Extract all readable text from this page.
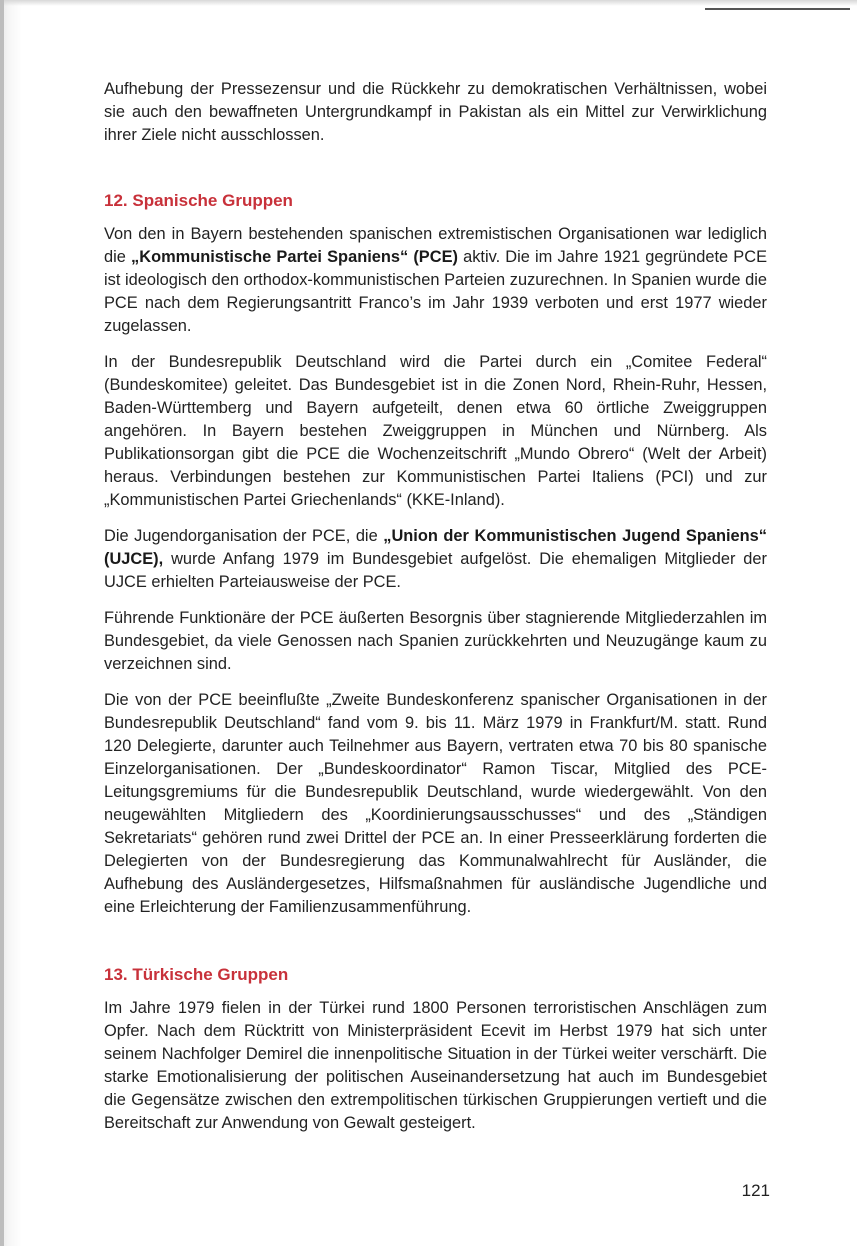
Aufhebung der Pressezensur und die Rückkehr zu demokratischen Verhältnissen, wobei sie auch den bewaffneten Untergrundkampf in Pakistan als ein Mittel zur Verwirklichung ihrer Ziele nicht ausschlossen.

12. Spanische Gruppen

Von den in Bayern bestehenden spanischen extremistischen Organisationen war lediglich die „Kommunistische Partei Spaniens“ (PCE) aktiv. Die im Jahre 1921 gegründete PCE ist ideologisch den orthodox-kommunistischen Parteien zuzurechnen. In Spanien wurde die PCE nach dem Regierungsantritt Franco’s im Jahr 1939 verboten und erst 1977 wieder zugelassen.

In der Bundesrepublik Deutschland wird die Partei durch ein „Comitee Federal“ (Bundeskomitee) geleitet. Das Bundesgebiet ist in die Zonen Nord, Rhein-Ruhr, Hessen, Baden-Württemberg und Bayern aufgeteilt, denen etwa 60 örtliche Zweiggruppen angehören. In Bayern bestehen Zweiggruppen in München und Nürnberg. Als Publikationsorgan gibt die PCE die Wochenzeitschrift „Mundo Obrero“ (Welt der Arbeit) heraus. Verbindungen bestehen zur Kommunistischen Partei Italiens (PCI) und zur „Kommunistischen Partei Griechenlands“ (KKE-Inland).

Die Jugendorganisation der PCE, die „Union der Kommunistischen Jugend Spaniens“ (UJCE), wurde Anfang 1979 im Bundesgebiet aufgelöst. Die ehemaligen Mitglieder der UJCE erhielten Parteiausweise der PCE.

Führende Funktionäre der PCE äußerten Besorgnis über stagnierende Mitgliederzahlen im Bundesgebiet, da viele Genossen nach Spanien zurückkehrten und Neuzugänge kaum zu verzeichnen sind.

Die von der PCE beeinflußte „Zweite Bundeskonferenz spanischer Organisationen in der Bundesrepublik Deutschland“ fand vom 9. bis 11. März 1979 in Frankfurt/M. statt. Rund 120 Delegierte, darunter auch Teilnehmer aus Bayern, vertraten etwa 70 bis 80 spanische Einzelorganisationen. Der „Bundeskoordinator“ Ramon Tiscar, Mitglied des PCE-Leitungsgremiums für die Bundesrepublik Deutschland, wurde wiedergewählt. Von den neugewählten Mitgliedern des „Koordinierungsausschusses“ und des „Ständigen Sekretariats“ gehören rund zwei Drittel der PCE an. In einer Presseerklärung forderten die Delegierten von der Bundesregierung das Kommunalwahlrecht für Ausländer, die Aufhebung des Ausländergesetzes, Hilfsmaßnahmen für ausländische Jugendliche und eine Erleichterung der Familienzusammenführung.

13. Türkische Gruppen

Im Jahre 1979 fielen in der Türkei rund 1800 Personen terroristischen Anschlägen zum Opfer. Nach dem Rücktritt von Ministerpräsident Ecevit im Herbst 1979 hat sich unter seinem Nachfolger Demirel die innenpolitische Situation in der Türkei weiter verschärft. Die starke Emotionalisierung der politischen Auseinandersetzung hat auch im Bundesgebiet die Gegensätze zwischen den extrempolitischen türkischen Gruppierungen vertieft und die Bereitschaft zur Anwendung von Gewalt gesteigert.

121
